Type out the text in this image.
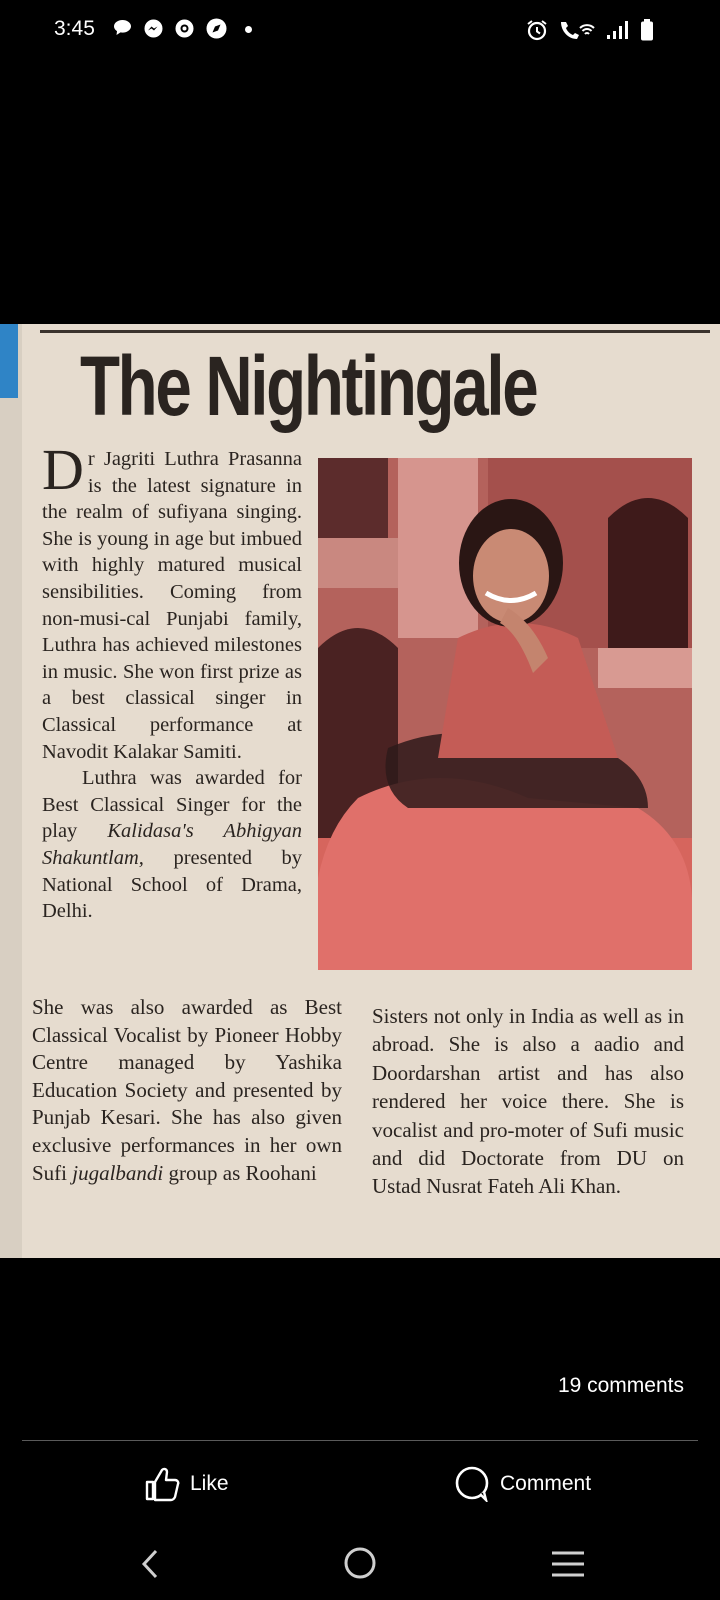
3:45
The Nightingale

Dr Jagriti Luthra Prasanna is the latest signature in the realm of sufiyana singing. She is young in age but imbued with highly matured musical sensibilities. Coming from non-musi-cal Punjabi family, Luthra has achieved milestones in music. She won first prize as a best classical singer in Classical performance at Navodit Kalakar Samiti.

Luthra was awarded for Best Classical Singer for the play Kalidasa's Abhigyan Shakuntlam, presented by National School of Drama, Delhi.

She was also awarded as Best Classical Vocalist by Pioneer Hobby Centre managed by Yashika Education Society and presented by Punjab Kesari. She has also given exclusive performances in her own Sufi jugalbandi group as Roohani
Sisters not only in India as well as in abroad. She is also a aadio and Doordarshan artist and has also rendered her voice there. She is vocalist and pro-moter of Sufi music and did Doctorate from DU on Ustad Nusrat Fateh Ali Khan.
19 comments
Like	Comment
